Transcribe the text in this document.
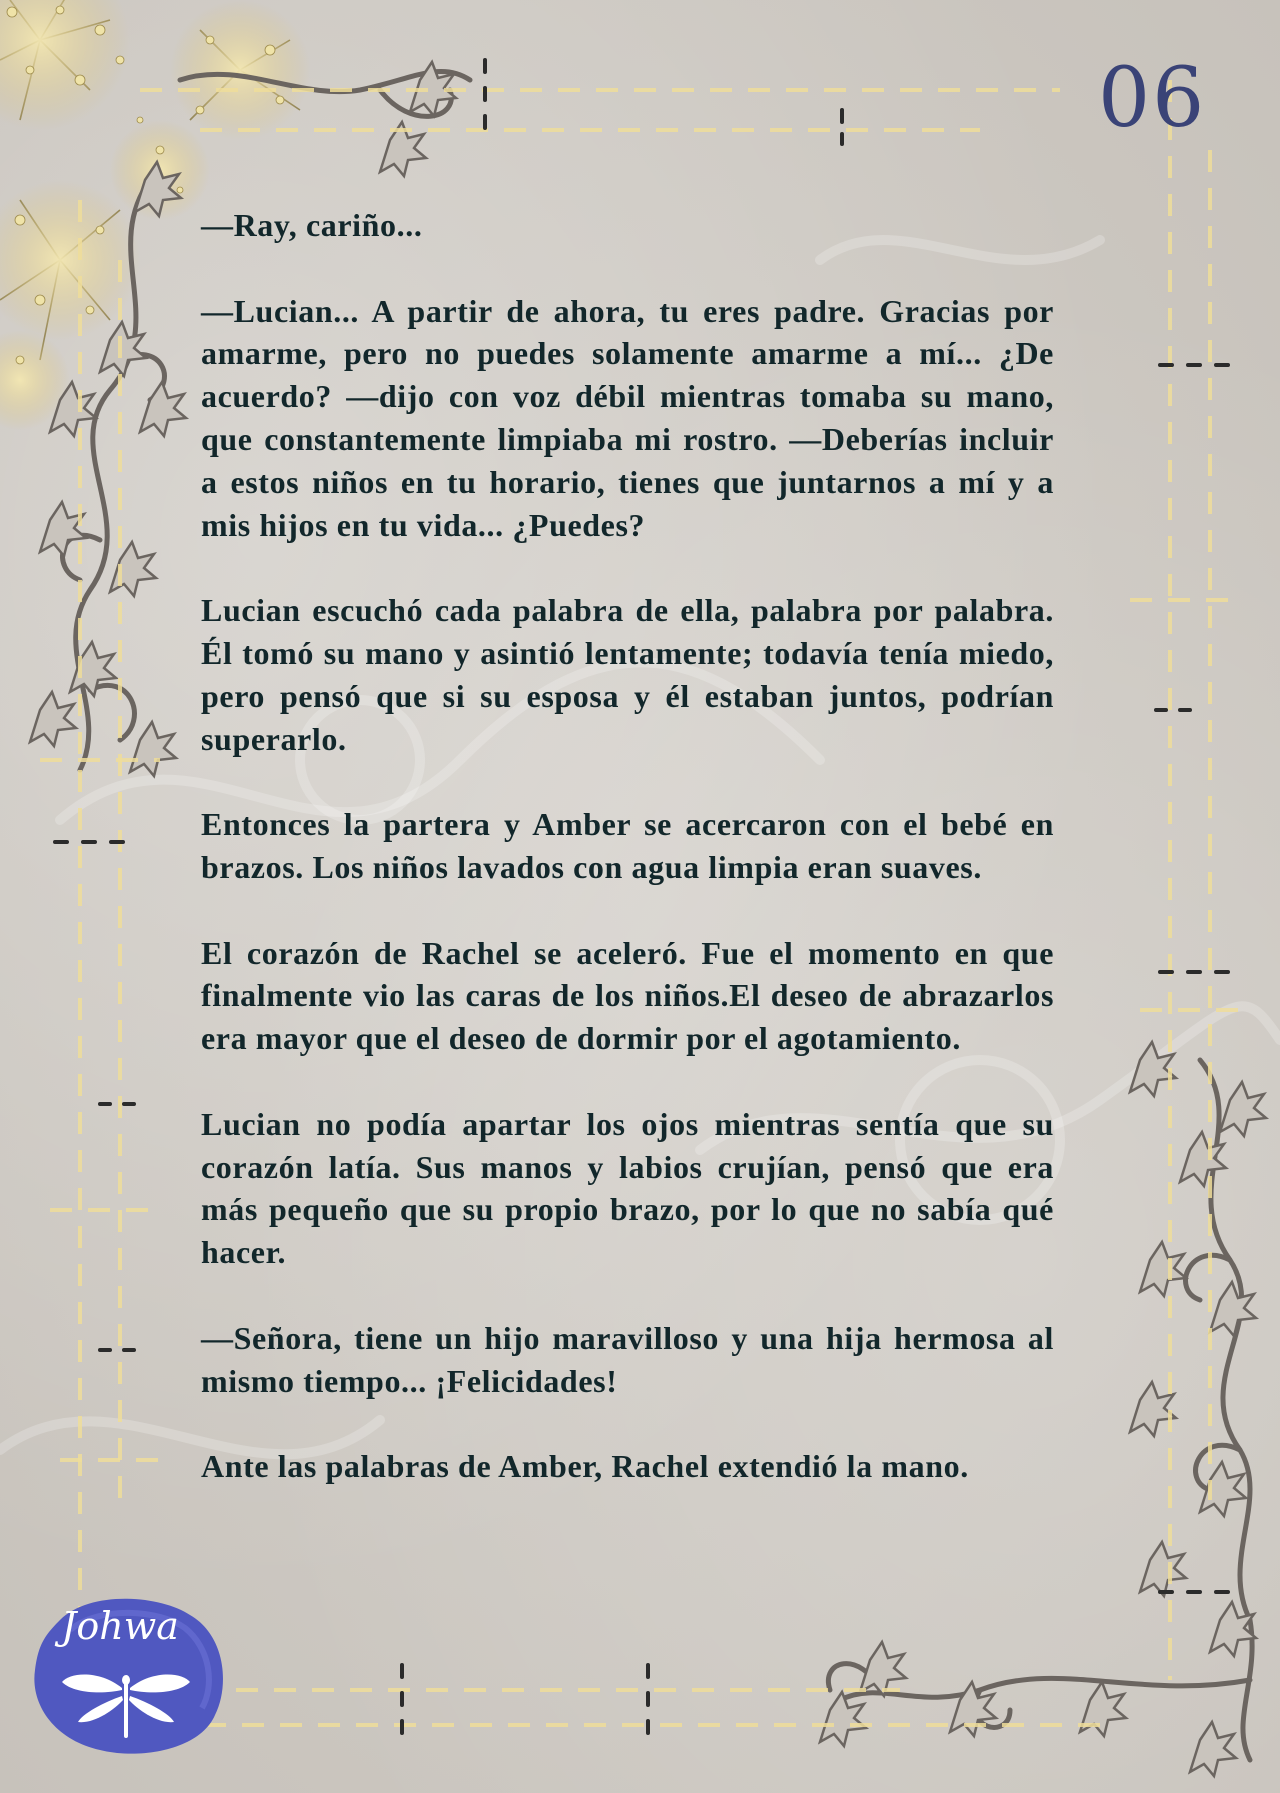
06

—Ray, cariño...

—Lucian... A partir de ahora, tu eres padre. Gracias por amarme, pero no puedes solamente amarme a mí... ¿De acuerdo? —dijo con voz débil mientras tomaba su mano, que constantemente limpiaba mi rostro. —Deberías incluir a estos niños en tu horario, tienes que juntarnos a mí y a mis hijos en tu vida... ¿Puedes?

Lucian escuchó cada palabra de ella, palabra por palabra. Él tomó su mano y asintió lentamente; todavía tenía miedo, pero pensó que si su esposa y él estaban juntos, podrían superarlo.

Entonces la partera y Amber se acercaron con el bebé en brazos. Los niños lavados con agua limpia eran suaves.

El corazón de Rachel se aceleró. Fue el momento en que finalmente vio las caras de los niños.El deseo de abrazarlos era mayor que el deseo de dormir por el agotamiento.

Lucian no podía apartar los ojos mientras sentía que su corazón latía. Sus manos y labios crujían, pensó que era más pequeño que su propio brazo, por lo que no sabía qué hacer.

—Señora, tiene un hijo maravilloso y una hija hermosa al mismo tiempo... ¡Felicidades!

Ante las palabras de Amber, Rachel extendió la mano.

Johwa
